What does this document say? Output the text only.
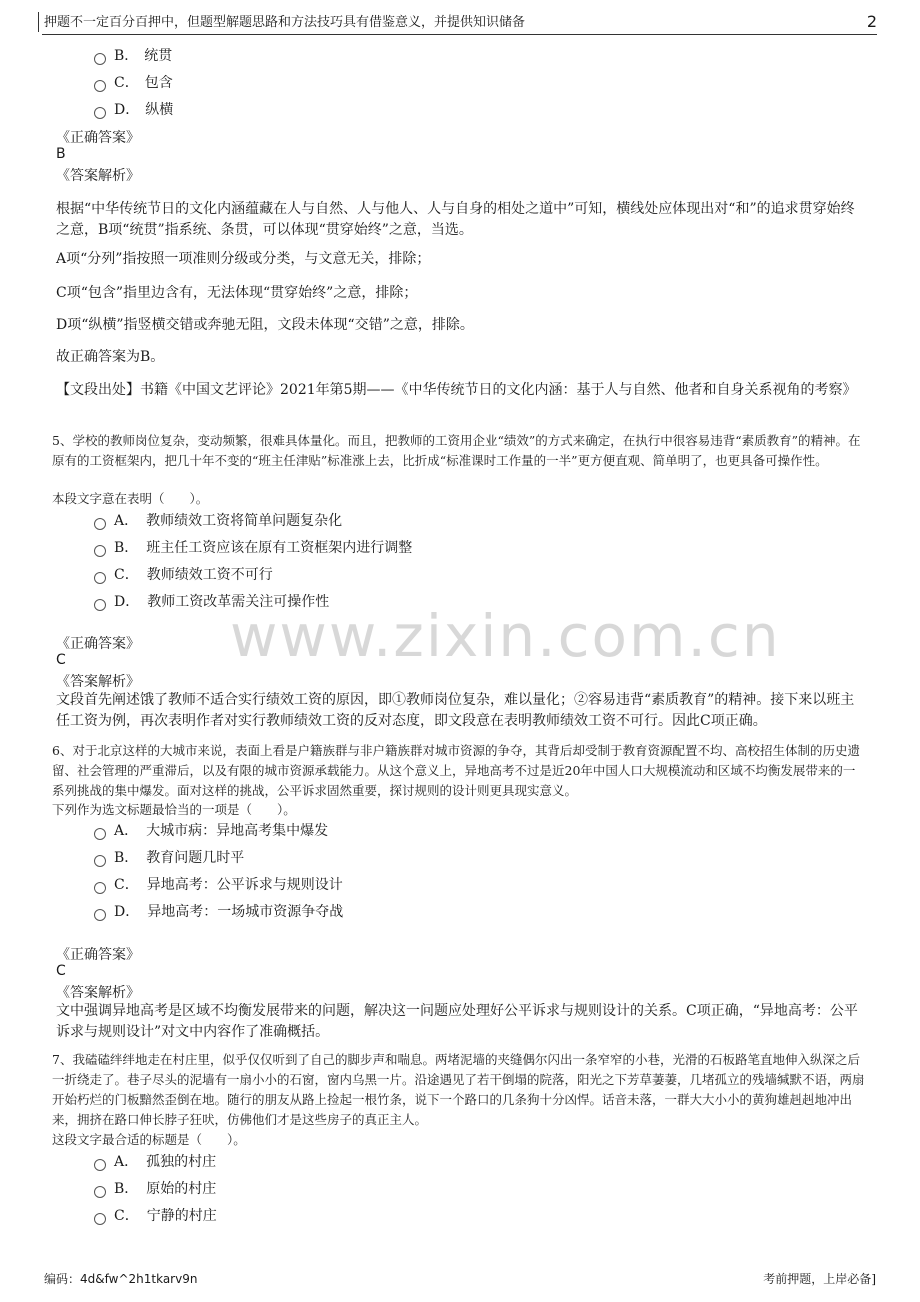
押题不一定百分百押中，但题型解题思路和方法技巧具有借鉴意义，并提供知识储备	2
B． 统贯
C． 包含
D． 纵横
《正确答案》
B
《答案解析》
根据“中华传统节日的文化内涵蕴藏在人与自然、人与他人、人与自身的相处之道中”可知，横线处应体现出对“和”的追求贯穿始终之意，B项“统贯”指系统、条贯，可以体现“贯穿始终”之意，当选。
A项“分列”指按照一项准则分级或分类，与文意无关，排除；
C项“包含”指里边含有，无法体现“贯穿始终”之意，排除；
D项“纵横”指竖横交错或奔驰无阻，文段未体现“交错”之意，排除。
故正确答案为B。
【文段出处】书籍《中国文艺评论》2021年第5期——《中华传统节日的文化内涵：基于人与自然、他者和自身关系视角的考察》
5、学校的教师岗位复杂，变动频繁，很难具体量化。而且，把教师的工资用企业“绩效”的方式来确定，在执行中很容易违背“素质教育”的精神。在原有的工资框架内，把几十年不变的“班主任津贴”标准涨上去，比折成“标准课时工作量的一半”更方便直观、简单明了，也更具备可操作性。
本段文字意在表明（　　）。
A． 教师绩效工资将简单问题复杂化
B． 班主任工资应该在原有工资框架内进行调整
C． 教师绩效工资不可行
D． 教师工资改革需关注可操作性
www.zixin.com.cn
《正确答案》
C
《答案解析》
文段首先阐述饿了教师不适合实行绩效工资的原因，即①教师岗位复杂，难以量化；②容易违背“素质教育”的精神。接下来以班主任工资为例，再次表明作者对实行教师绩效工资的反对态度，即文段意在表明教师绩效工资不可行。因此C项正确。
6、对于北京这样的大城市来说，表面上看是户籍族群与非户籍族群对城市资源的争夺，其背后却受制于教育资源配置不均、高校招生体制的历史遗留、社会管理的严重滞后，以及有限的城市资源承载能力。从这个意义上，异地高考不过是近20年中国人口大规模流动和区域不均衡发展带来的一系列挑战的集中爆发。面对这样的挑战，公平诉求固然重要，探讨规则的设计则更具现实意义。
下列作为选文标题最恰当的一项是（　　）。
A． 大城市病：异地高考集中爆发
B． 教育问题几时平
C． 异地高考：公平诉求与规则设计
D． 异地高考：一场城市资源争夺战
《正确答案》
C
《答案解析》
文中强调异地高考是区域不均衡发展带来的问题，解决这一问题应处理好公平诉求与规则设计的关系。C项正确，“异地高考：公平诉求与规则设计”对文中内容作了准确概括。
7、我磕磕绊绊地走在村庄里，似乎仅仅听到了自己的脚步声和喘息。两堵泥墙的夹缝偶尔闪出一条窄窄的小巷，光滑的石板路笔直地伸入纵深之后一折绕走了。巷子尽头的泥墙有一扇小小的石窗，窗内乌黑一片。沿途遇见了若干倒塌的院落，阳光之下芳草萋萋，几堵孤立的残墙缄默不语，两扇开始朽烂的门板黯然歪倒在地。随行的朋友从路上捡起一根竹条，说下一个路口的几条狗十分凶悍。话音未落，一群大大小小的黄狗雄赳赳地冲出来，拥挤在路口伸长脖子狂吠，仿佛他们才是这些房子的真正主人。
这段文字最合适的标题是（　　）。
A． 孤独的村庄
B． 原始的村庄
C． 宁静的村庄
编码：4d&fw^2h1tkarv9n	考前押题，上岸必备]
